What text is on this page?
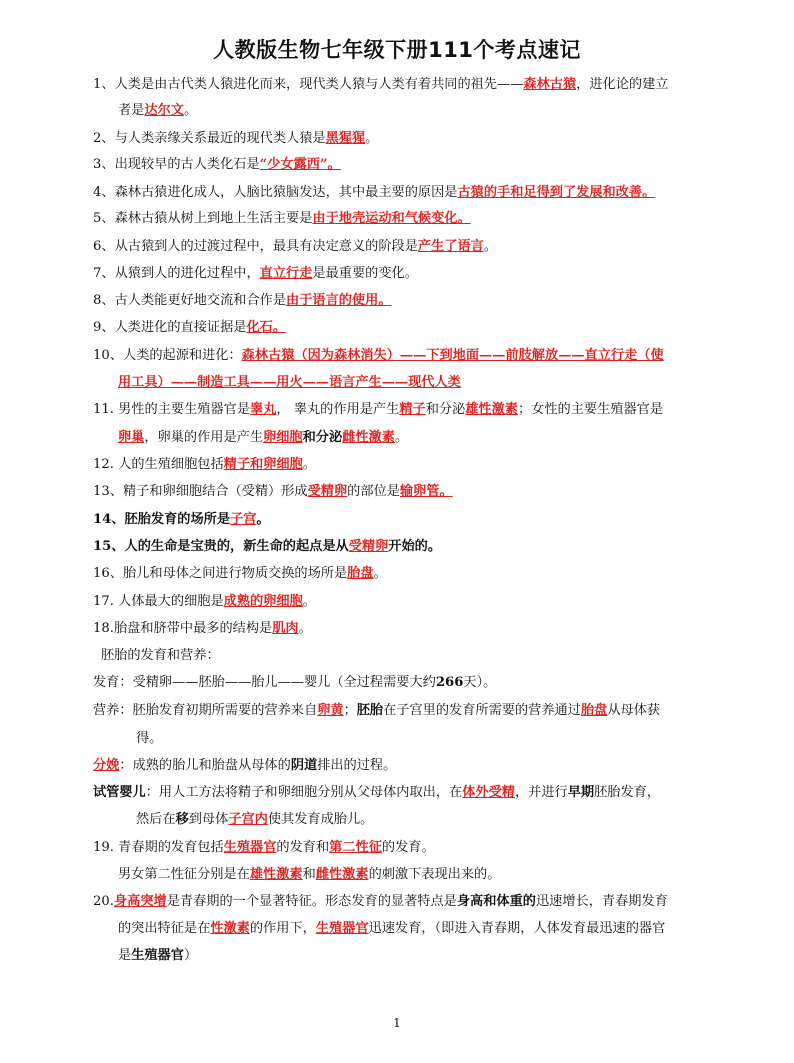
人教版生物七年级下册111个考点速记
1、人类是由古代类人猿进化而来，现代类人猿与人类有着共同的祖先——森林古猿，进化论的建立
者是达尔文。
2、与人类亲缘关系最近的现代类人猿是黑猩猩。
3、出现较早的古人类化石是“少女露西”。
4、森林古猿进化成人，人脑比猿脑发达，其中最主要的原因是古猿的手和足得到了发展和改善。
5、森林古猿从树上到地上生活主要是由于地壳运动和气候变化。
6、从古猿到人的过渡过程中，最具有决定意义的阶段是产生了语言。
7、从猿到人的进化过程中，直立行走是最重要的变化。
8、古人类能更好地交流和合作是由于语言的使用。
9、人类进化的直接证据是化石。
10、人类的起源和进化：森林古猿（因为森林消失）——下到地面——前肢解放——直立行走（使
用工具）——制造工具——用火——语言产生——现代人类
11. 男性的主要生殖器官是睾丸， 睾丸的作用是产生精子和分泌雄性激素；女性的主要生殖器官是
卵巢，卵巢的作用是产生卵细胞和分泌雌性激素。
12. 人的生殖细胞包括精子和卵细胞。
13、精子和卵细胞结合（受精）形成受精卵的部位是输卵管。
14、胚胎发育的场所是子宫。
15、人的生命是宝贵的，新生命的起点是从受精卵开始的。
16、胎儿和母体之间进行物质交换的场所是胎盘。
17. 人体最大的细胞是成熟的卵细胞。
18.胎盘和脐带中最多的结构是肌肉。
胚胎的发育和营养：
发育：受精卵——胚胎——胎儿——婴儿（全过程需要大约266天）。
营养：胚胎发育初期所需要的营养来自卵黄；胚胎在子宫里的发育所需要的营养通过胎盘从母体获
得。
分娩：成熟的胎儿和胎盘从母体的阴道排出的过程。
试管婴儿：用人工方法将精子和卵细胞分别从父母体内取出，在体外受精，并进行早期胚胎发育，
然后在移到母体子宫内使其发育成胎儿。
19. 青春期的发育包括生殖器官的发育和第二性征的发育。
男女第二性征分别是在雄性激素和雌性激素的刺激下表现出来的。
20.身高突增是青春期的一个显著特征。形态发育的显著特点是身高和体重的迅速增长，青春期发育
的突出特征是在性激素的作用下，生殖器官迅速发育，（即进入青春期，人体发育最迅速的器官
是生殖器官）
1
